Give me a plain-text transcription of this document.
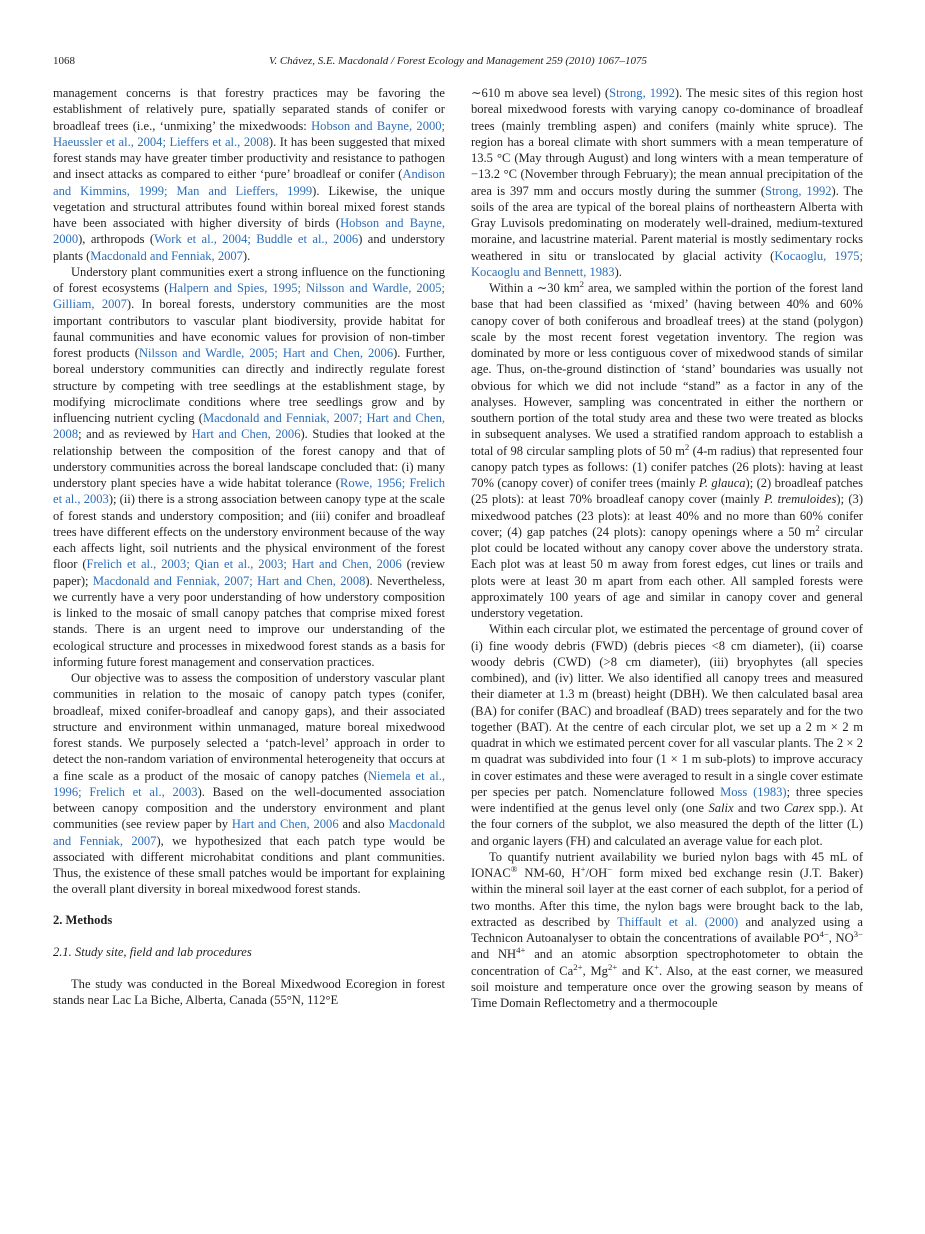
1068	V. Chávez, S.E. Macdonald / Forest Ecology and Management 259 (2010) 1067–1075

management concerns is that forestry practices may be favoring the establishment of relatively pure, spatially separated stands of conifer or broadleaf trees (i.e., ‘unmixing’ the mixedwoods: Hobson and Bayne, 2000; Haeussler et al., 2004; Lieffers et al., 2008). It has been suggested that mixed forest stands may have greater timber productivity and resistance to pathogen and insect attacks as compared to either ‘pure’ broadleaf or conifer (Andison and Kimmins, 1999; Man and Lieffers, 1999). Likewise, the unique vegetation and structural attributes found within boreal mixed forest stands have been associated with higher diversity of birds (Hobson and Bayne, 2000), arthropods (Work et al., 2004; Buddle et al., 2006) and understory plants (Macdonald and Fenniak, 2007).

Understory plant communities exert a strong influence on the functioning of forest ecosystems (Halpern and Spies, 1995; Nilsson and Wardle, 2005; Gilliam, 2007). In boreal forests, understory communities are the most important contributors to vascular plant biodiversity, provide habitat for faunal communities and have economic values for provision of non-timber forest products (Nilsson and Wardle, 2005; Hart and Chen, 2006). Further, boreal understory communities can directly and indirectly regulate forest structure by competing with tree seedlings at the establishment stage, by modifying microclimate conditions where tree seedlings grow and by influencing nutrient cycling (Macdonald and Fenniak, 2007; Hart and Chen, 2008; and as reviewed by Hart and Chen, 2006). Studies that looked at the relationship between the composition of the forest canopy and that of understory communities across the boreal landscape concluded that: (i) many understory plant species have a wide habitat tolerance (Rowe, 1956; Frelich et al., 2003); (ii) there is a strong association between canopy type at the scale of forest stands and understory composition; and (iii) conifer and broadleaf trees have different effects on the understory environment because of the way each affects light, soil nutrients and the physical environment of the forest floor (Frelich et al., 2003; Qian et al., 2003; Hart and Chen, 2006 (review paper); Macdonald and Fenniak, 2007; Hart and Chen, 2008). Nevertheless, we currently have a very poor understanding of how understory composition is linked to the mosaic of small canopy patches that comprise mixed forest stands. There is an urgent need to improve our understanding of the ecological structure and processes in mixedwood forest stands as a basis for informing future forest management and conservation practices.

Our objective was to assess the composition of understory vascular plant communities in relation to the mosaic of canopy patch types (conifer, broadleaf, mixed conifer-broadleaf and canopy gaps), and their associated structure and environment within unmanaged, mature boreal mixedwood forest stands. We purposely selected a ‘patch-level’ approach in order to detect the non-random variation of environmental heterogeneity that occurs at a fine scale as a product of the mosaic of canopy patches (Niemela et al., 1996; Frelich et al., 2003). Based on the well-documented association between canopy composition and the understory environment and plant communities (see review paper by Hart and Chen, 2006 and also Macdonald and Fenniak, 2007), we hypothesized that each patch type would be associated with different microhabitat conditions and plant communities. Thus, the existence of these small patches would be important for explaining the overall plant diversity in boreal mixedwood forest stands.

2. Methods

2.1. Study site, field and lab procedures

The study was conducted in the Boreal Mixedwood Ecoregion in forest stands near Lac La Biche, Alberta, Canada (55°N, 112°E

∼610 m above sea level) (Strong, 1992). The mesic sites of this region host boreal mixedwood forests with varying canopy co-dominance of broadleaf trees (mainly trembling aspen) and conifers (mainly white spruce). The region has a boreal climate with short summers with a mean temperature of 13.5 °C (May through August) and long winters with a mean temperature of −13.2 °C (November through February); the mean annual precipitation of the area is 397 mm and occurs mostly during the summer (Strong, 1992). The soils of the area are typical of the boreal plains of northeastern Alberta with Gray Luvisols predominating on moderately well-drained, medium-textured moraine, and lacustrine material. Parent material is mostly sedimentary rocks weathered in situ or translocated by glacial activity (Kocaoglu, 1975; Kocaoglu and Bennett, 1983).

Within a ∼30 $km^2$ area, we sampled within the portion of the forest land base that had been classified as ‘mixed’ (having between 40% and 60% canopy cover of both coniferous and broadleaf trees) at the stand (polygon) scale by the most recent forest vegetation inventory. The region was dominated by more or less contiguous cover of mixedwood stands of similar age. Thus, on-the-ground distinction of ‘stand’ boundaries was usually not obvious for which we did not include “stand” as a factor in any of the analyses. However, sampling was concentrated in either the northern or southern portion of the total study area and these two were treated as blocks in subsequent analyses. We used a stratified random approach to establish a total of 98 circular sampling plots of 50 $m^2$ (4-m radius) that represented four canopy patch types as follows: (1) conifer patches (26 plots): having at least 70% (canopy cover) of conifer trees (mainly P. glauca); (2) broadleaf patches (25 plots): at least 70% broadleaf canopy cover (mainly P. tremuloides); (3) mixedwood patches (23 plots): at least 40% and no more than 60% conifer cover; (4) gap patches (24 plots): canopy openings where a 50 $m^2$ circular plot could be located without any canopy cover above the understory strata. Each plot was at least 50 m away from forest edges, cut lines or trails and plots were at least 30 m apart from each other. All sampled forests were approximately 100 years of age and similar in canopy cover and general understory vegetation.

Within each circular plot, we estimated the percentage of ground cover of (i) fine woody debris (FWD) (debris pieces <8 cm diameter), (ii) coarse woody debris (CWD) (>8 cm diameter), (iii) bryophytes (all species combined), and (iv) litter. We also identified all canopy trees and measured their diameter at 1.3 m (breast) height (DBH). We then calculated basal area (BA) for conifer (BAC) and broadleaf (BAD) trees separately and for the two together (BAT). At the centre of each circular plot, we set up a 2 m × 2 m quadrat in which we estimated percent cover for all vascular plants. The 2 × 2 m quadrat was subdivided into four (1 × 1 m sub-plots) to improve accuracy in cover estimates and these were averaged to result in a single cover estimate per species per patch. Nomenclature followed Moss (1983); three species were indentified at the genus level only (one Salix and two Carex spp.). At the four corners of the subplot, we also measured the depth of the litter (L) and organic layers (FH) and calculated an average value for each plot.

To quantify nutrient availability we buried nylon bags with 45 mL of IONAC® NM-60, H+/OH− form mixed bed exchange resin (J.T. Baker) within the mineral soil layer at the east corner of each subplot, for a period of two months. After this time, the nylon bags were brought back to the lab, extracted as described by Thiffault et al. (2000) and analyzed using a Technicon Autoanalyser to obtain the concentrations of available $PO^{4-}$, $NO^{3-}$ and $NH^{4+}$ and an atomic absorption spectrophotometer to obtain the concentration of $Ca^{2+}$, $Mg^{2+}$ and K+. Also, at the east corner, we measured soil moisture and temperature once over the growing season by means of Time Domain Reflectometry and a thermocouple
